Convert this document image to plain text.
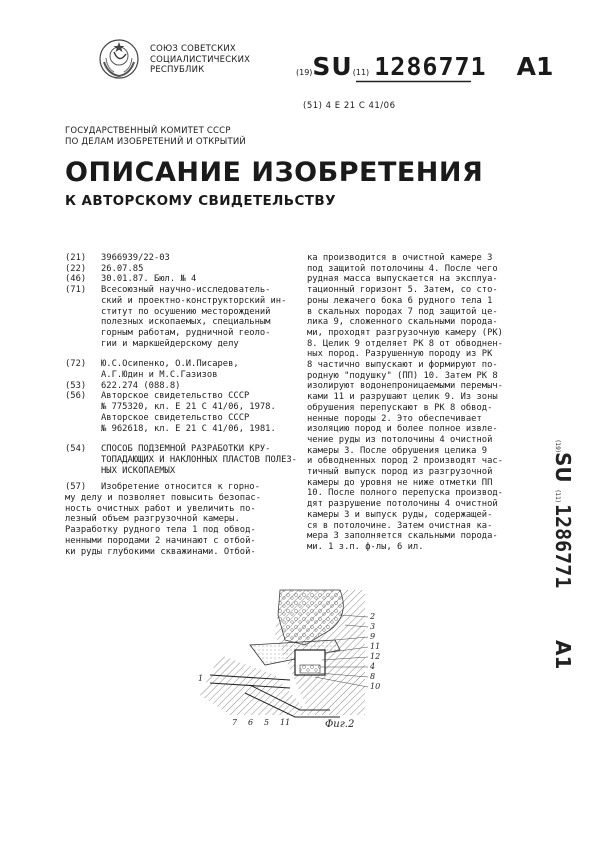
СОЮЗ СОВЕТСКИХ
СОЦИАЛИСТИЧЕСКИХ
РЕСПУБЛИК	(19)SU(11) 1286771 A1
(51) 4 Е 21 С 41/06
ГОСУДАРСТВЕННЫЙ КОМИТЕТ СССР
ПО ДЕЛАМ ИЗОБРЕТЕНИЙ И ОТКРЫТИЙ
ОПИСАНИЕ ИЗОБРЕТЕНИЯ
К АВТОРСКОМУ СВИДЕТЕЛЬСТВУ
(21) 3966939/22-03
(22) 26.07.85
(46) 30.01.87. Бюл. № 4
(71) Всесоюзный научно-исследователь-
ский и проектно-конструкторский ин-
ститут по осушению месторождений
полезных ископаемых, специальным
горным работам, рудничной геоло-
гии и маркшейдерскому делу
(72) Ю.С.Осипенко, О.И.Писарев,
А.Г.Юдин и М.С.Газизов
(53) 622.274 (088.8)
(56) Авторское свидетельство СССР
№ 775320, кл. Е 21 С 41/06, 1978.
Авторское свидетельство СССР
№ 962618, кл. Е 21 С 41/06, 1981.
(54) СПОСОБ ПОДЗЕМНОЙ РАЗРАБОТКИ КРУ-
ТОПАДАЮЩИХ И НАКЛОННЫХ ПЛАСТОВ ПОЛЕЗ-
НЫХ ИСКОПАЕМЫХ
(57) Изобретение относится к горно-
му делу и позволяет повысить безопас-
ность очистных работ и увеличить по-
лезный объем разгрузочной камеры.
Разработку рудного тела 1 под обвод-
ненными породами 2 начинают с отбой-
ки руды глубокими скважинами. Отбой-
ка производится в очистной камере 3
под защитой потолочины 4. После чего
рудная масса выпускается на эксплуа-
тационный горизонт 5. Затем, со сто-
роны лежачего бока 6 рудного тела 1
в скальных породах 7 под защитой це-
лика 9, сложенного скальными порода-
ми, проходят разгрузочную камеру (РК)
8. Целик 9 отделяет РК 8 от обводнен-
ных пород. Разрушенную породу из РК
8 частично выпускают и формируют по-
родную "подушку" (ПП) 10. Затем РК 8
изолируют водонепроницаемыми перемыч-
ками 11 и разрушают целик 9. Из зоны
обрушения перепускают в РК 8 обвод-
ненные породы 2. Это обеспечивает
изоляцию пород и более полное извле-
чение руды из потолочины 4 очистной
камеры 3. После обрушения целика 9
и обводненных пород 2 производят час-
тичный выпуск пород из разгрузочной
камеры до уровня не ниже отметки ПП
10. После полного перепуска производ-
дят разрушение потолочины 4 очистной
камеры 3 и выпуск руды, содержащей-
ся в потолочине. Затем очистная ка-
мера 3 заполняется скальными порода-
ми. 1 з.п. ф-лы, 6 ил.
(19)
SU
(11)
1286771
A1
2
3
9
11
12
4
8
10
1
7 6 5 11	Фиг.2
